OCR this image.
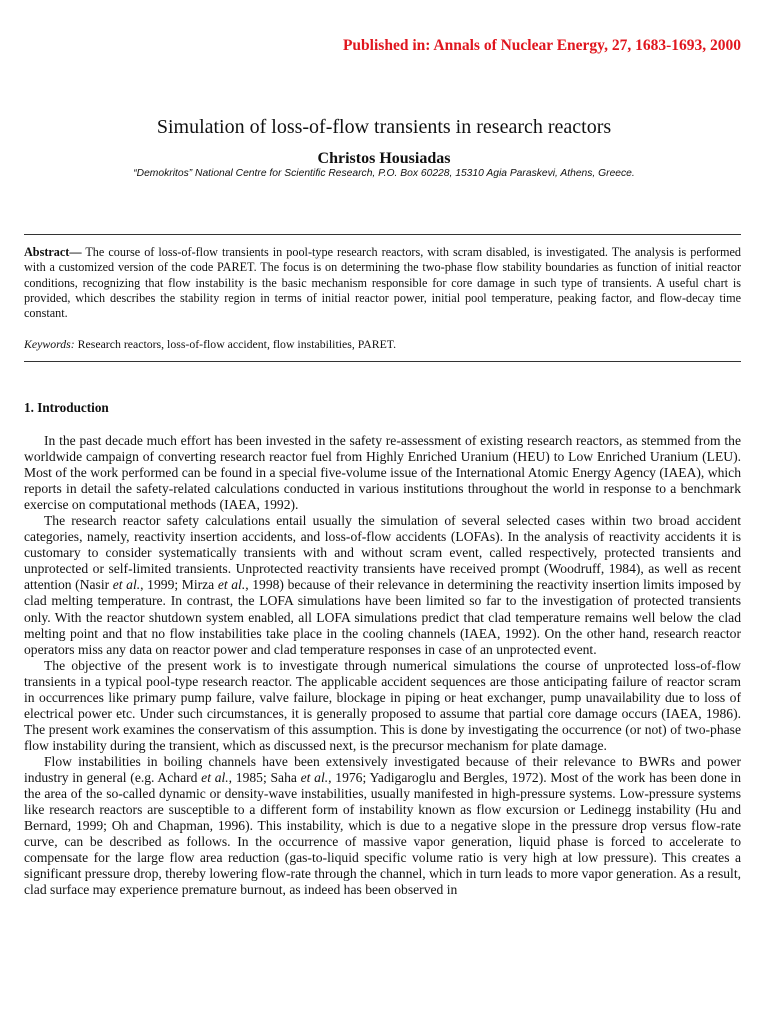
Published in: Annals of Nuclear Energy, 27, 1683-1693, 2000
Simulation of loss-of-flow transients in research reactors
Christos Housiadas
“Demokritos” National Centre for Scientific Research, P.O. Box 60228, 15310 Agia Paraskevi, Athens, Greece.
Abstract— The course of loss-of-flow transients in pool-type research reactors, with scram disabled, is investigated. The analysis is performed with a customized version of the code PARET. The focus is on determining the two-phase flow stability boundaries as function of initial reactor conditions, recognizing that flow instability is the basic mechanism responsible for core damage in such type of transients. A useful chart is provided, which describes the stability region in terms of initial reactor power, initial pool temperature, peaking factor, and flow-decay time constant.
Keywords: Research reactors, loss-of-flow accident, flow instabilities, PARET.
1. Introduction

In the past decade much effort has been invested in the safety re-assessment of existing research reactors, as stemmed from the worldwide campaign of converting research reactor fuel from Highly Enriched Uranium (HEU) to Low Enriched Uranium (LEU). Most of the work performed can be found in a special five-volume issue of the International Atomic Energy Agency (IAEA), which reports in detail the safety-related calculations conducted in various institutions throughout the world in response to a benchmark exercise on computational methods (IAEA, 1992).

The research reactor safety calculations entail usually the simulation of several selected cases within two broad accident categories, namely, reactivity insertion accidents, and loss-of-flow accidents (LOFAs). In the analysis of reactivity accidents it is customary to consider systematically transients with and without scram event, called respectively, protected transients and unprotected or self-limited transients. Unprotected reactivity transients have received prompt (Woodruff, 1984), as well as recent attention (Nasir et al., 1999; Mirza et al., 1998) because of their relevance in determining the reactivity insertion limits imposed by clad melting temperature. In contrast, the LOFA simulations have been limited so far to the investigation of protected transients only. With the reactor shutdown system enabled, all LOFA simulations predict that clad temperature remains well below the clad melting point and that no flow instabilities take place in the cooling channels (IAEA, 1992). On the other hand, research reactor operators miss any data on reactor power and clad temperature responses in case of an unprotected event.

The objective of the present work is to investigate through numerical simulations the course of unprotected loss-of-flow transients in a typical pool-type research reactor. The applicable accident sequences are those anticipating failure of reactor scram in occurrences like primary pump failure, valve failure, blockage in piping or heat exchanger, pump unavailability due to loss of electrical power etc. Under such circumstances, it is generally proposed to assume that partial core damage occurs (IAEA, 1986). The present work examines the conservatism of this assumption. This is done by investigating the occurrence (or not) of two-phase flow instability during the transient, which as discussed next, is the precursor mechanism for plate damage.

Flow instabilities in boiling channels have been extensively investigated because of their relevance to BWRs and power industry in general (e.g. Achard et al., 1985; Saha et al., 1976; Yadigaroglu and Bergles, 1972). Most of the work has been done in the area of the so-called dynamic or density-wave instabilities, usually manifested in high-pressure systems. Low-pressure systems like research reactors are susceptible to a different form of instability known as flow excursion or Ledinegg instability (Hu and Bernard, 1999; Oh and Chapman, 1996). This instability, which is due to a negative slope in the pressure drop versus flow-rate curve, can be described as follows. In the occurrence of massive vapor generation, liquid phase is forced to accelerate to compensate for the large flow area reduction (gas-to-liquid specific volume ratio is very high at low pressure). This creates a significant pressure drop, thereby lowering flow-rate through the channel, which in turn leads to more vapor generation. As a result, clad surface may experience premature burnout, as indeed has been observed in
